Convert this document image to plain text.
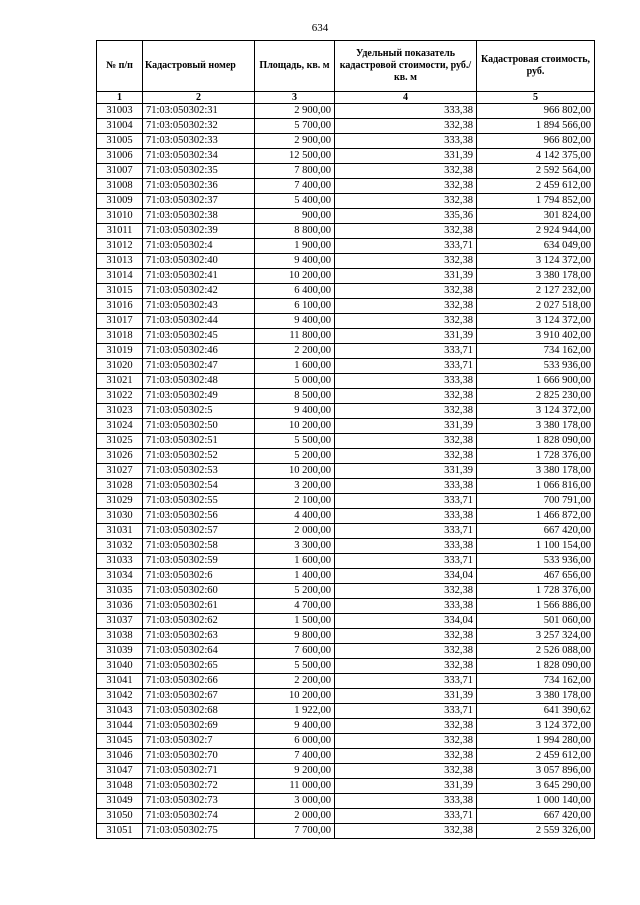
634
№ п/п	Кадастровый номер	Площадь, кв. м	Удельный показатель кадастровой стоимости, руб./кв. м	Кадастровая стоимость, руб.
1	2	3	4	5
31003	71:03:050302:31	2 900,00	333,38	966 802,00
31004	71:03:050302:32	5 700,00	332,38	1 894 566,00
31005	71:03:050302:33	2 900,00	333,38	966 802,00
31006	71:03:050302:34	12 500,00	331,39	4 142 375,00
31007	71:03:050302:35	7 800,00	332,38	2 592 564,00
31008	71:03:050302:36	7 400,00	332,38	2 459 612,00
31009	71:03:050302:37	5 400,00	332,38	1 794 852,00
31010	71:03:050302:38	900,00	335,36	301 824,00
31011	71:03:050302:39	8 800,00	332,38	2 924 944,00
31012	71:03:050302:4	1 900,00	333,71	634 049,00
31013	71:03:050302:40	9 400,00	332,38	3 124 372,00
31014	71:03:050302:41	10 200,00	331,39	3 380 178,00
31015	71:03:050302:42	6 400,00	332,38	2 127 232,00
31016	71:03:050302:43	6 100,00	332,38	2 027 518,00
31017	71:03:050302:44	9 400,00	332,38	3 124 372,00
31018	71:03:050302:45	11 800,00	331,39	3 910 402,00
31019	71:03:050302:46	2 200,00	333,71	734 162,00
31020	71:03:050302:47	1 600,00	333,71	533 936,00
31021	71:03:050302:48	5 000,00	333,38	1 666 900,00
31022	71:03:050302:49	8 500,00	332,38	2 825 230,00
31023	71:03:050302:5	9 400,00	332,38	3 124 372,00
31024	71:03:050302:50	10 200,00	331,39	3 380 178,00
31025	71:03:050302:51	5 500,00	332,38	1 828 090,00
31026	71:03:050302:52	5 200,00	332,38	1 728 376,00
31027	71:03:050302:53	10 200,00	331,39	3 380 178,00
31028	71:03:050302:54	3 200,00	333,38	1 066 816,00
31029	71:03:050302:55	2 100,00	333,71	700 791,00
31030	71:03:050302:56	4 400,00	333,38	1 466 872,00
31031	71:03:050302:57	2 000,00	333,71	667 420,00
31032	71:03:050302:58	3 300,00	333,38	1 100 154,00
31033	71:03:050302:59	1 600,00	333,71	533 936,00
31034	71:03:050302:6	1 400,00	334,04	467 656,00
31035	71:03:050302:60	5 200,00	332,38	1 728 376,00
31036	71:03:050302:61	4 700,00	333,38	1 566 886,00
31037	71:03:050302:62	1 500,00	334,04	501 060,00
31038	71:03:050302:63	9 800,00	332,38	3 257 324,00
31039	71:03:050302:64	7 600,00	332,38	2 526 088,00
31040	71:03:050302:65	5 500,00	332,38	1 828 090,00
31041	71:03:050302:66	2 200,00	333,71	734 162,00
31042	71:03:050302:67	10 200,00	331,39	3 380 178,00
31043	71:03:050302:68	1 922,00	333,71	641 390,62
31044	71:03:050302:69	9 400,00	332,38	3 124 372,00
31045	71:03:050302:7	6 000,00	332,38	1 994 280,00
31046	71:03:050302:70	7 400,00	332,38	2 459 612,00
31047	71:03:050302:71	9 200,00	332,38	3 057 896,00
31048	71:03:050302:72	11 000,00	331,39	3 645 290,00
31049	71:03:050302:73	3 000,00	333,38	1 000 140,00
31050	71:03:050302:74	2 000,00	333,71	667 420,00
31051	71:03:050302:75	7 700,00	332,38	2 559 326,00
